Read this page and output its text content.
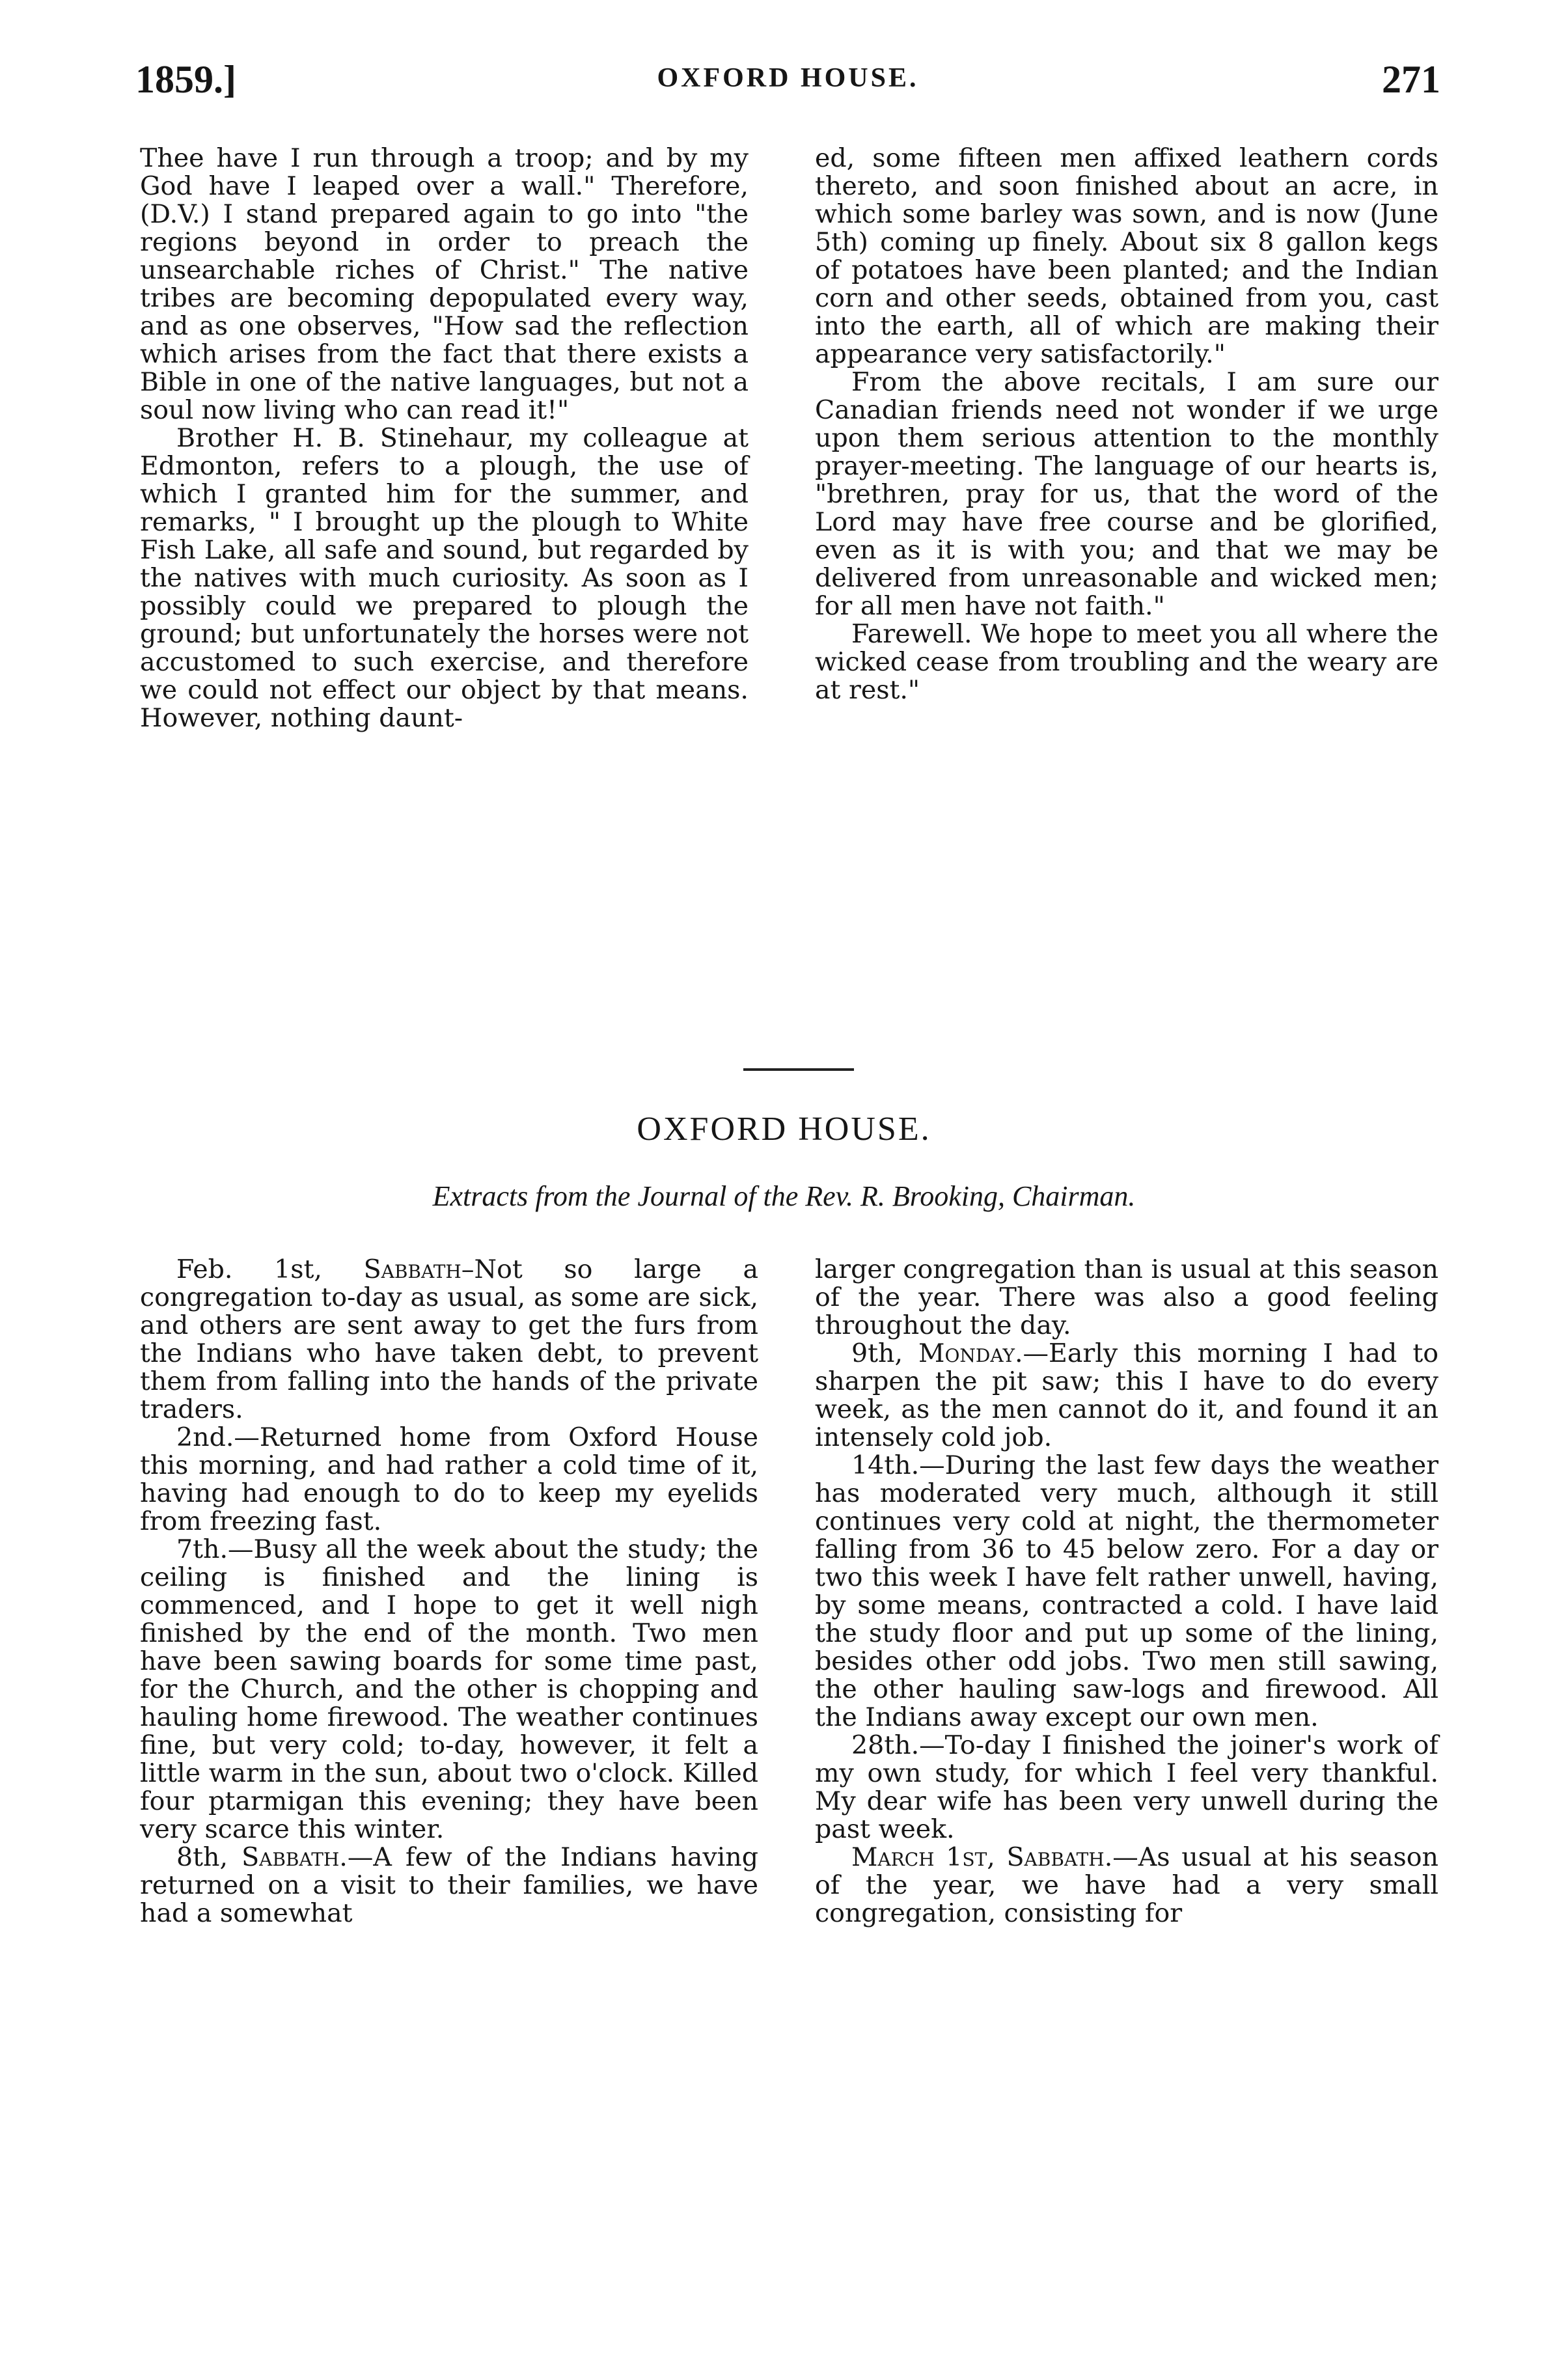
1859.]	OXFORD HOUSE.	271

Thee have I run through a troop; and by my God have I leaped over a wall." Therefore,(D.V.) I stand prepared again to go into "the regions beyond in order to preach the unsearchable riches of Christ." The native tribes are becoming depopulated every way, and as one observes, "How sad the reflection which arises from the fact that there exists a Bible in one of the native languages, but not a soul now living who can read it!"

Brother H. B. Stinehaur, my colleague at Edmonton, refers to a plough, the use of which I granted him for the summer, and remarks, " I brought up the plough to White Fish Lake, all safe and sound, but regarded by the natives with much curiosity. As soon as I possibly could we prepared to plough the ground; but unfortunately the horses were not accustomed to such exercise, and therefore we could not effect our object by that means. However, nothing daunt-

ed, some fifteen men affixed leathern cords thereto, and soon finished about an acre, in which some barley was sown, and is now (June 5th) coming up finely. About six 8 gallon kegs of potatoes have been planted; and the Indian corn and other seeds, obtained from you, cast into the earth, all of which are making their appearance very satisfactorily."

From the above recitals, I am sure our Canadian friends need not wonder if we urge upon them serious attention to the monthly prayer-meeting. The language of our hearts is, "brethren, pray for us, that the word of the Lord may have free course and be glorified, even as it is with you; and that we may be delivered from unreasonable and wicked men; for all men have not faith."

Farewell. We hope to meet you all where the wicked cease from troubling and the weary are at rest."

OXFORD HOUSE.
Extracts from the Journal of the Rev. R. Brooking, Chairman.

Feb. 1st, Sabbath–Not so large a congregation to-day as usual, as some are sick, and others are sent away to get the furs from the Indians who have taken debt, to prevent them from falling into the hands of the private traders.

2nd.—Returned home from Oxford House this morning, and had rather a cold time of it, having had enough to do to keep my eyelids from freezing fast.

7th.—Busy all the week about the study; the ceiling is finished and the lining is commenced, and I hope to get it well nigh finished by the end of the month. Two men have been sawing boards for some time past, for the Church, and the other is chopping and hauling home firewood. The weather continues fine, but very cold; to-day, however, it felt a little warm in the sun, about two o'clock. Killed four ptarmigan this evening; they have been very scarce this winter.

8th, Sabbath.—A few of the Indians having returned on a visit to their families, we have had a somewhat

larger congregation than is usual at this season of the year. There was also a good feeling throughout the day.

9th, Monday.—Early this morning I had to sharpen the pit saw; this I have to do every week, as the men cannot do it, and found it an intensely cold job.

14th.—During the last few days the weather has moderated very much, although it still continues very cold at night, the thermometer falling from 36 to 45 below zero. For a day or two this week I have felt rather unwell, having, by some means, contracted a cold. I have laid the study floor and put up some of the lining, besides other odd jobs. Two men still sawing, the other hauling saw-logs and firewood. All the Indians away except our own men.

28th.—To-day I finished the joiner's work of my own study, for which I feel very thankful. My dear wife has been very unwell during the past week.

March 1st, Sabbath.—As usual at his season of the year, we have had a very small congregation, consisting for
